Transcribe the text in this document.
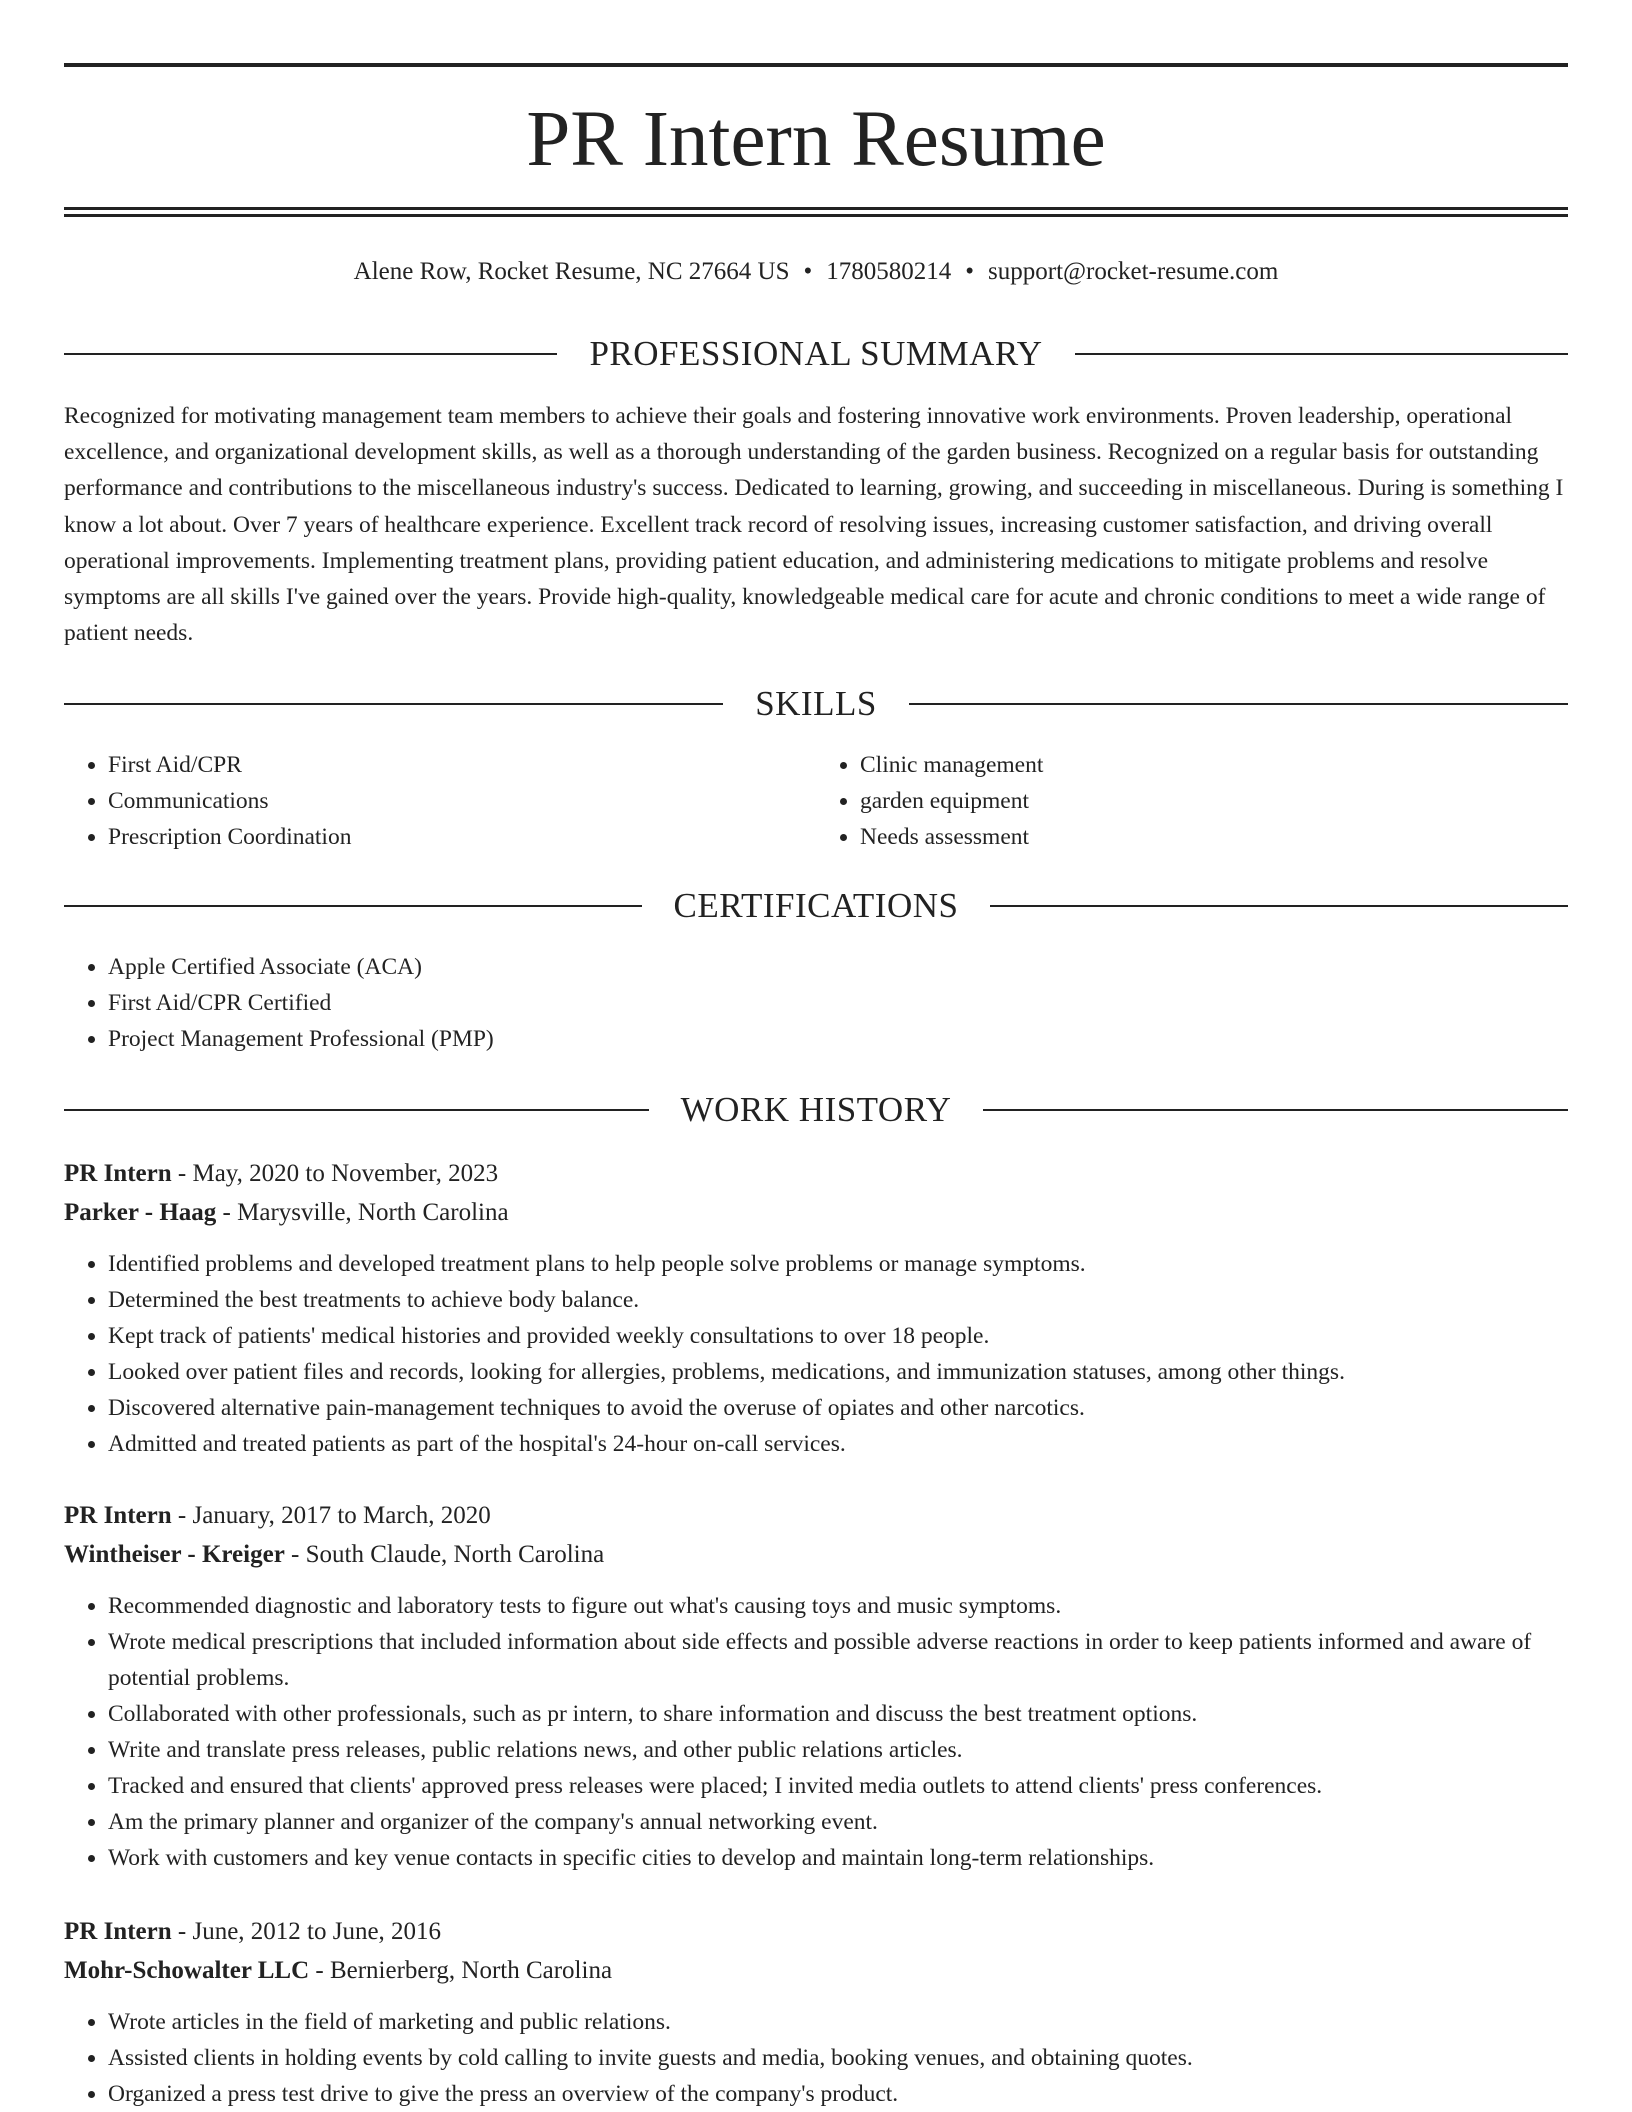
PR Intern Resume
Alene Row, Rocket Resume, NC 27664 US • 1780580214 • support@rocket-resume.com
PROFESSIONAL SUMMARY

Recognized for motivating management team members to achieve their goals and fostering innovative work environments. Proven leadership, operational excellence, and organizational development skills, as well as a thorough understanding of the garden business. Recognized on a regular basis for outstanding performance and contributions to the miscellaneous industry's success. Dedicated to learning, growing, and succeeding in miscellaneous. During is something I know a lot about. Over 7 years of healthcare experience. Excellent track record of resolving issues, increasing customer satisfaction, and driving overall operational improvements. Implementing treatment plans, providing patient education, and administering medications to mitigate problems and resolve symptoms are all skills I've gained over the years. Provide high-quality, knowledgeable medical care for acute and chronic conditions to meet a wide range of patient needs.

SKILLS
• First Aid/CPR
• Communications
• Prescription Coordination
• Clinic management
• garden equipment
• Needs assessment
CERTIFICATIONS
• Apple Certified Associate (ACA)
• First Aid/CPR Certified
• Project Management Professional (PMP)
WORK HISTORY
PR Intern - May, 2020 to November, 2023
Parker - Haag - Marysville, North Carolina
• Identified problems and developed treatment plans to help people solve problems or manage symptoms.
• Determined the best treatments to achieve body balance.
• Kept track of patients' medical histories and provided weekly consultations to over 18 people.
• Looked over patient files and records, looking for allergies, problems, medications, and immunization statuses, among other things.
• Discovered alternative pain-management techniques to avoid the overuse of opiates and other narcotics.
• Admitted and treated patients as part of the hospital's 24-hour on-call services.
PR Intern - January, 2017 to March, 2020
Wintheiser - Kreiger - South Claude, North Carolina
• Recommended diagnostic and laboratory tests to figure out what's causing toys and music symptoms.
• Wrote medical prescriptions that included information about side effects and possible adverse reactions in order to keep patients informed and aware of potential problems.
• Collaborated with other professionals, such as pr intern, to share information and discuss the best treatment options.
• Write and translate press releases, public relations news, and other public relations articles.
• Tracked and ensured that clients' approved press releases were placed; I invited media outlets to attend clients' press conferences.
• Am the primary planner and organizer of the company's annual networking event.
• Work with customers and key venue contacts in specific cities to develop and maintain long-term relationships.
PR Intern - June, 2012 to June, 2016
Mohr-Schowalter LLC - Bernierberg, North Carolina
• Wrote articles in the field of marketing and public relations.
• Assisted clients in holding events by cold calling to invite guests and media, booking venues, and obtaining quotes.
• Organized a press test drive to give the press an overview of the company's product.
